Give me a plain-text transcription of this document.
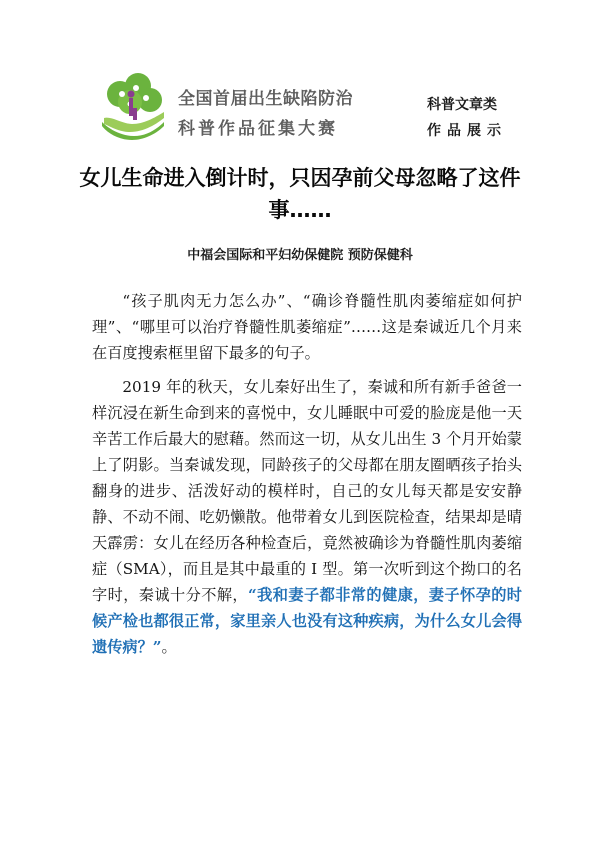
全国首届出生缺陷防治
科普作品征集大赛
科普文章类
作品展示
女儿生命进入倒计时，只因孕前父母忽略了这件事……
中福会国际和平妇幼保健院 预防保健科

“孩子肌肉无力怎么办”、“确诊脊髓性肌肉萎缩症如何护理”、“哪里可以治疗脊髓性肌萎缩症”……这是秦诚近几个月来在百度搜索框里留下最多的句子。

2019 年的秋天，女儿秦好出生了，秦诚和所有新手爸爸一样沉浸在新生命到来的喜悦中，女儿睡眠中可爱的脸庞是他一天辛苦工作后最大的慰藉。然而这一切，从女儿出生 3 个月开始蒙上了阴影。当秦诚发现，同龄孩子的父母都在朋友圈晒孩子抬头翻身的进步、活泼好动的模样时，自己的女儿每天都是安安静静、不动不闹、吃奶懒散。他带着女儿到医院检查，结果却是晴天霹雳：女儿在经历各种检查后，竟然被确诊为脊髓性肌肉萎缩症（SMA），而且是其中最重的 I 型。第一次听到这个拗口的名字时，秦诚十分不解，“我和妻子都非常的健康，妻子怀孕的时候产检也都很正常，家里亲人也没有这种疾病，为什么女儿会得遗传病？”。
